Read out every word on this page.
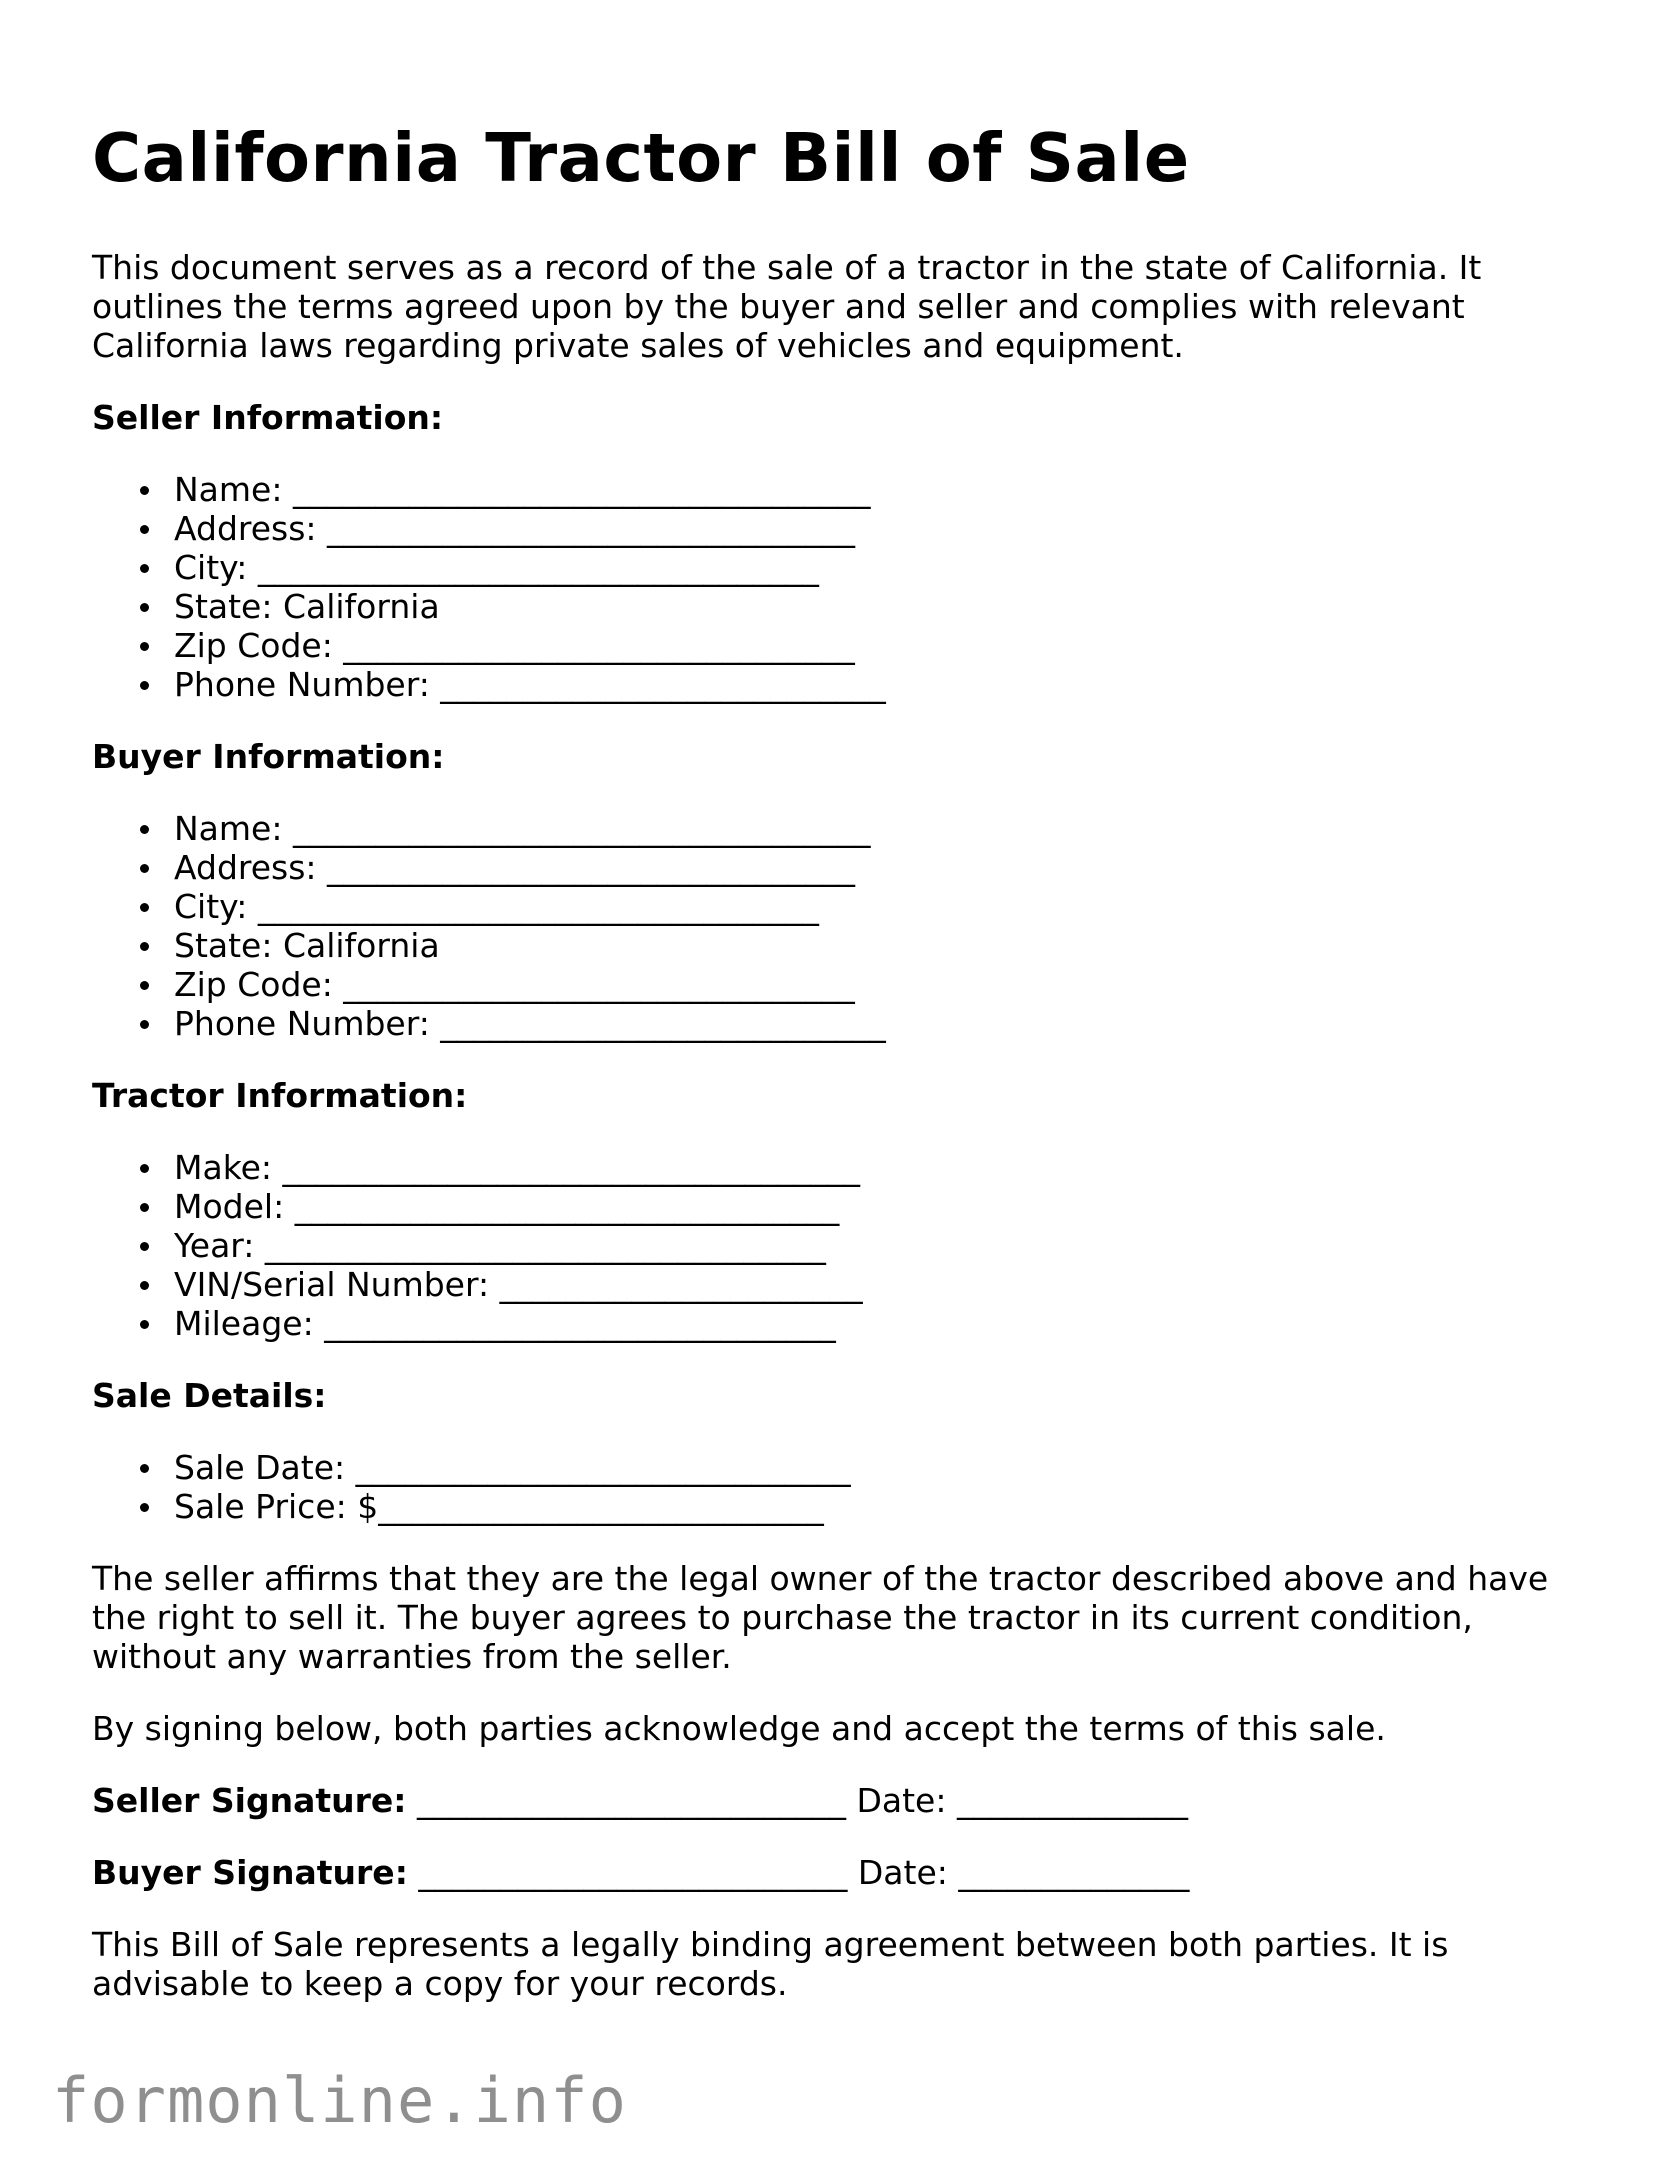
California Tractor Bill of Sale

This document serves as a record of the sale of a tractor in the state of California. It outlines the terms agreed upon by the buyer and seller and complies with relevant California laws regarding private sales of vehicles and equipment.

Seller Information:
Name: ___________________________________
Address: ________________________________
City: __________________________________
State: California
Zip Code: _______________________________
Phone Number: ___________________________
Buyer Information:
Name: ___________________________________
Address: ________________________________
City: __________________________________
State: California
Zip Code: _______________________________
Phone Number: ___________________________
Tractor Information:
Make: ___________________________________
Model: _________________________________
Year: __________________________________
VIN/Serial Number: ______________________
Mileage: _______________________________
Sale Details:
Sale Date: ______________________________
Sale Price: $___________________________

The seller affirms that they are the legal owner of the tractor described above and have the right to sell it. The buyer agrees to purchase the tractor in its current condition, without any warranties from the seller.

By signing below, both parties acknowledge and accept the terms of this sale.

Seller Signature: __________________________ Date: ______________
Buyer Signature: __________________________ Date: ______________

This Bill of Sale represents a legally binding agreement between both parties. It is advisable to keep a copy for your records.

formonline.info
